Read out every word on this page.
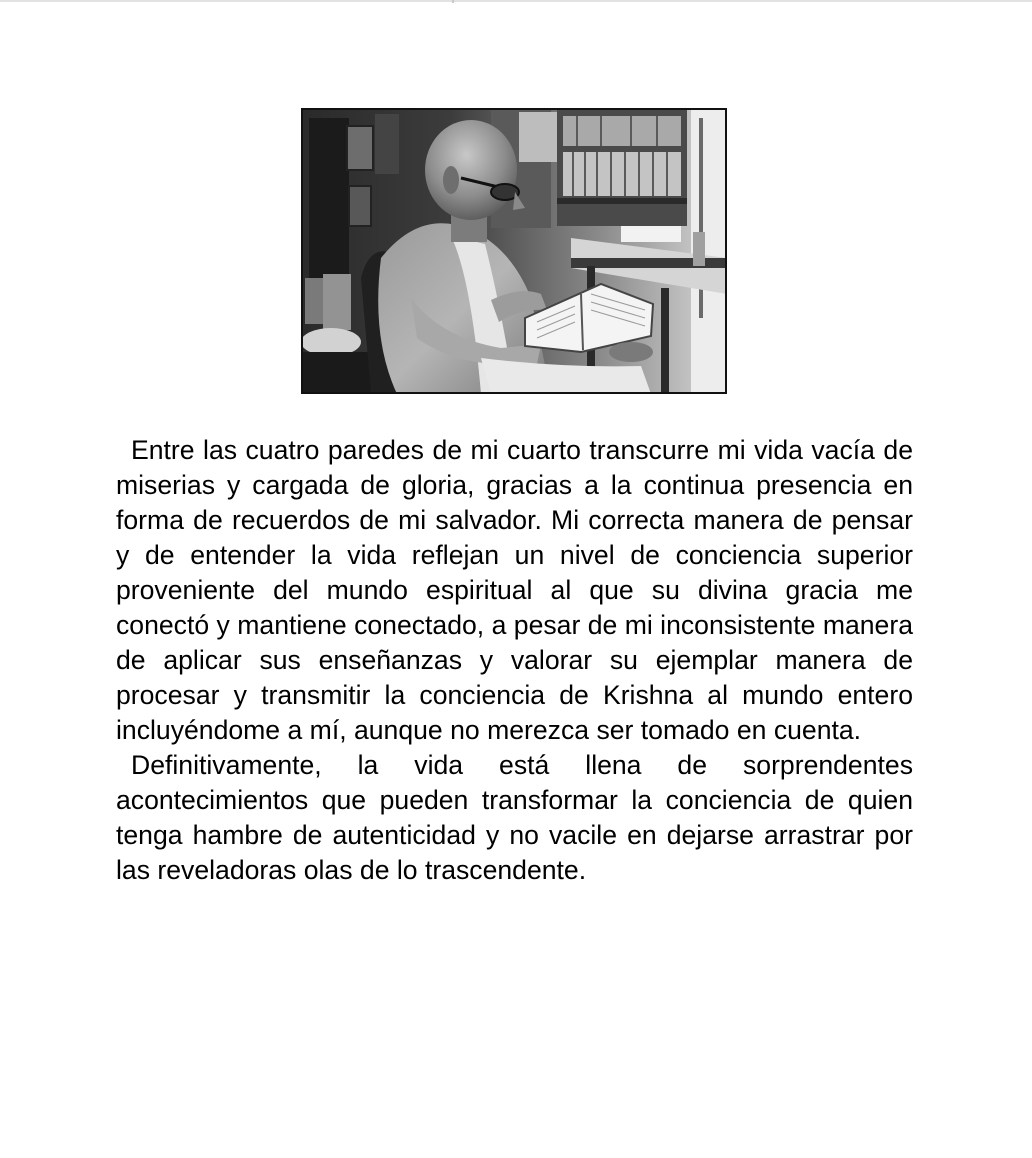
Entre las cuatro paredes de mi cuarto transcurre mi vida vacía de miserias y cargada de gloria, gracias a la continua presencia en forma de recuerdos de mi salvador. Mi correcta manera de pensar y de entender la vida reflejan un nivel de conciencia superior proveniente del mundo espiritual al que su divina gracia me conectó y mantiene conectado, a pesar de mi inconsistente manera de aplicar sus enseñanzas y valorar su ejemplar manera de procesar y transmitir la conciencia de Krishna al mundo entero incluyéndome a mí, aunque no merezca ser tomado en cuenta.

Definitivamente, la vida está llena de sorprendentes acontecimientos que pueden transformar la conciencia de quien tenga hambre de autenticidad y no vacile en dejarse arrastrar por las reveladoras olas de lo trascendente.
